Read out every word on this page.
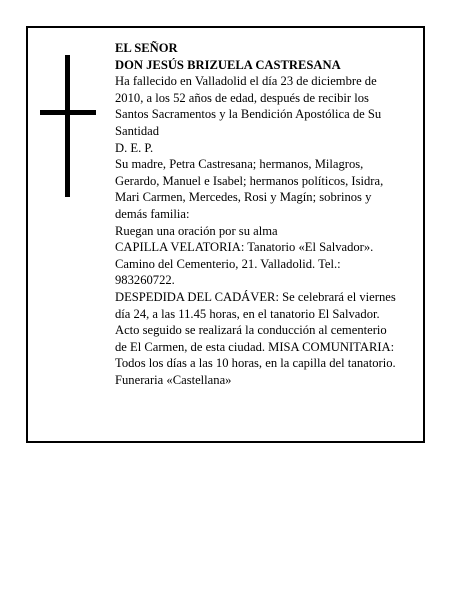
EL SEÑOR
DON JESÚS BRIZUELA CASTRESANA
Ha fallecido en Valladolid el día 23 de diciembre de
2010, a los 52 años de edad, después de recibir los
Santos Sacramentos y la Bendición Apostólica de Su
Santidad
D. E. P.
Su madre, Petra Castresana; hermanos, Milagros,
Gerardo, Manuel e Isabel; hermanos políticos, Isidra,
Mari Carmen, Mercedes, Rosi y Magín; sobrinos y
demás familia:
Ruegan una oración por su alma
CAPILLA VELATORIA: Tanatorio «El Salvador».
Camino del Cementerio, 21. Valladolid. Tel.:
983260722.
DESPEDIDA DEL CADÁVER: Se celebrará el viernes
día 24, a las 11.45 horas, en el tanatorio El Salvador.
Acto seguido se realizará la conducción al cementerio
de El Carmen, de esta ciudad. MISA COMUNITARIA:
Todos los días a las 10 horas, en la capilla del tanatorio.
Funeraria «Castellana»
